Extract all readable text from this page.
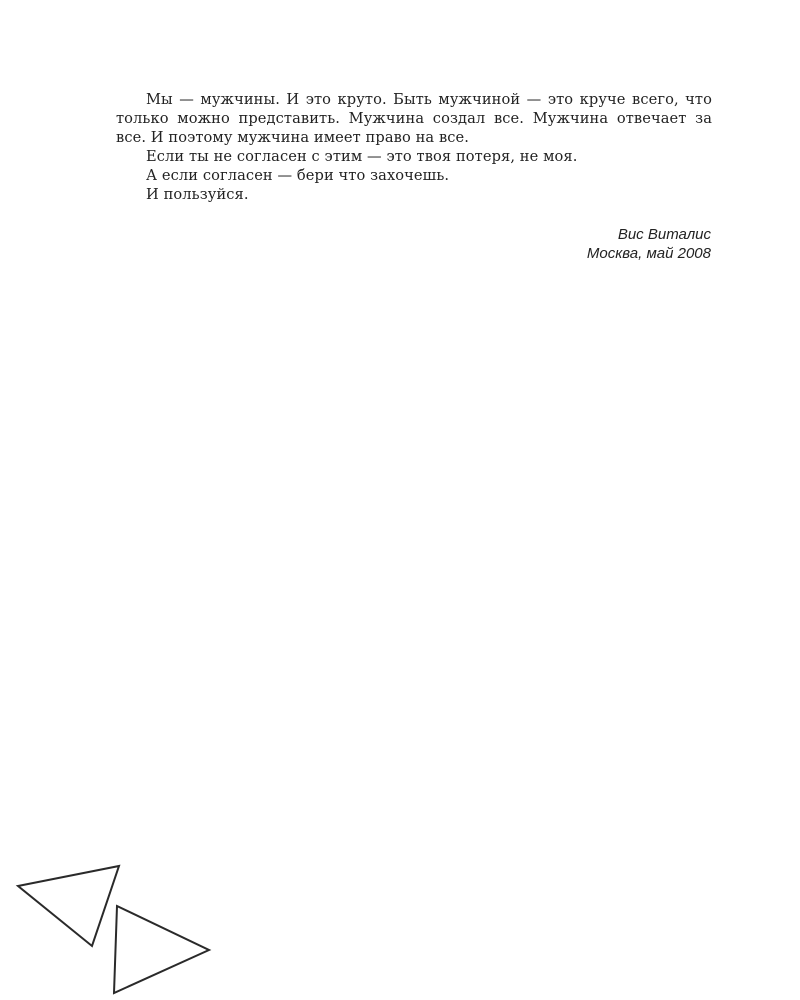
Мы — мужчины. И это круто. Быть мужчиной — это круче всего, что только можно представить. Мужчина создал все. Мужчина отвечает за все. И поэтому мужчина имеет право на все.

Если ты не согласен с этим — это твоя потеря, не моя.

А если согласен — бери что захочешь.

И пользуйся.

Вис Виталис
Москва, май 2008
